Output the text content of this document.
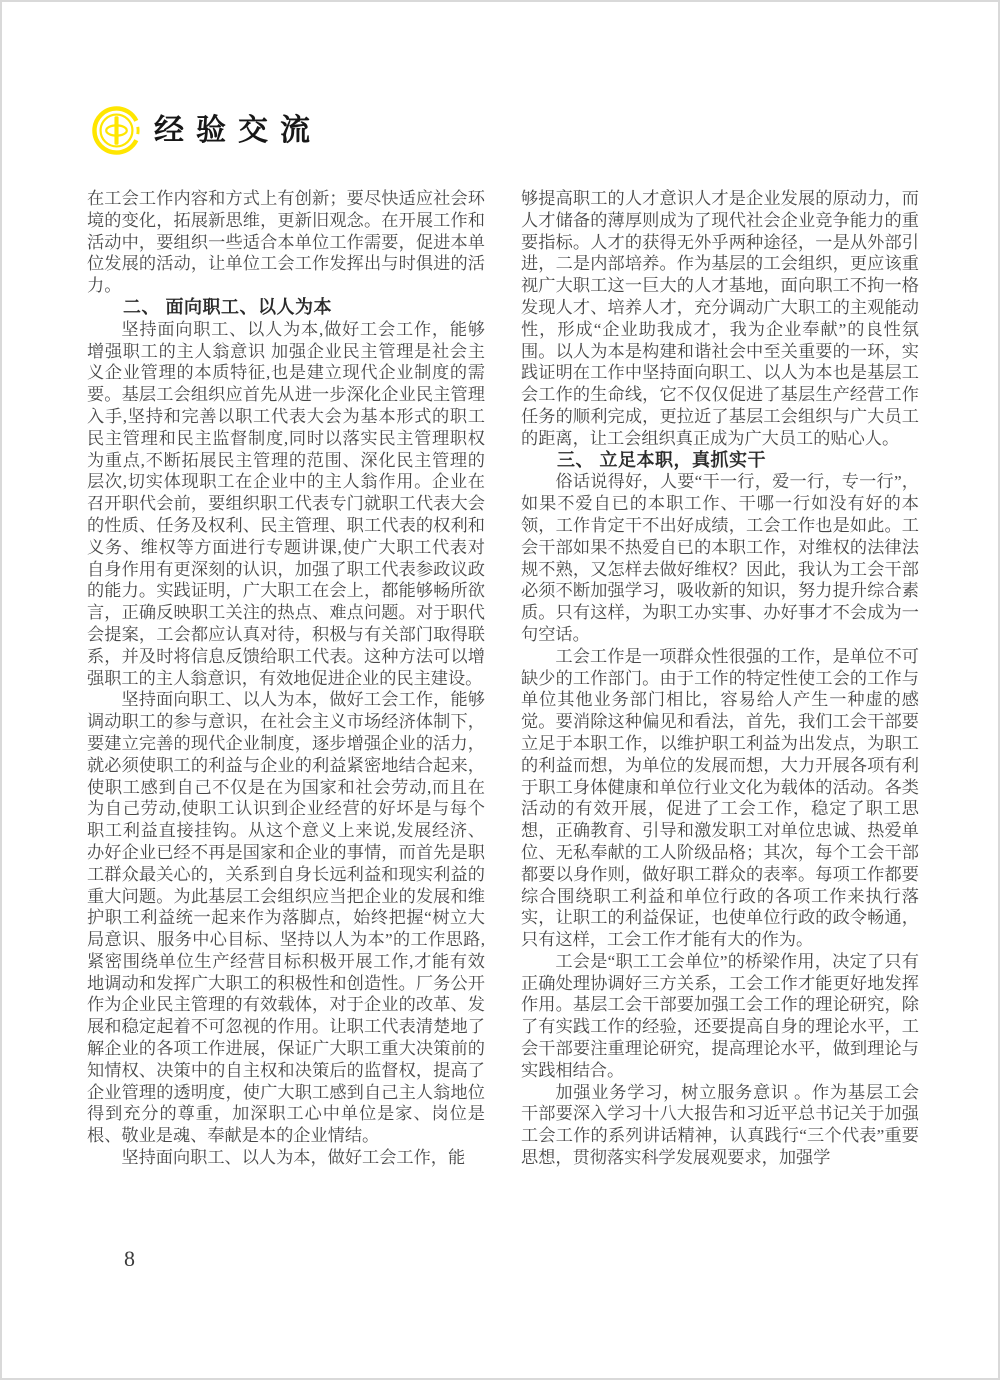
经验交流

在工会工作内容和方式上有创新；要尽快适应社会环境的变化，拓展新思维，更新旧观念。在开展工作和活动中，要组织一些适合本单位工作需要，促进本单位发展的活动，让单位工会工作发挥出与时俱进的活力。

二、 面向职工、以人为本

坚持面向职工、以人为本,做好工会工作，能够增强职工的主人翁意识 加强企业民主管理是社会主义企业管理的本质特征,也是建立现代企业制度的需要。基层工会组织应首先从进一步深化企业民主管理入手,坚持和完善以职工代表大会为基本形式的职工民主管理和民主监督制度,同时以落实民主管理职权为重点,不断拓展民主管理的范围、深化民主管理的层次,切实体现职工在企业中的主人翁作用。企业在召开职代会前，要组织职工代表专门就职工代表大会的性质、任务及权利、民主管理、职工代表的权利和义务、维权等方面进行专题讲课,使广大职工代表对自身作用有更深刻的认识，加强了职工代表参政议政的能力。实践证明，广大职工在会上，都能够畅所欲言，正确反映职工关注的热点、难点问题。对于职代会提案，工会都应认真对待，积极与有关部门取得联系，并及时将信息反馈给职工代表。这种方法可以增强职工的主人翁意识，有效地促进企业的民主建设。

坚持面向职工、以人为本，做好工会工作，能够调动职工的参与意识，在社会主义市场经济体制下，要建立完善的现代企业制度，逐步增强企业的活力，就必须使职工的利益与企业的利益紧密地结合起来，使职工感到自己不仅是在为国家和社会劳动,而且在为自己劳动,使职工认识到企业经营的好坏是与每个职工利益直接挂钩。从这个意义上来说,发展经济、办好企业已经不再是国家和企业的事情，而首先是职工群众最关心的，关系到自身长远利益和现实利益的重大问题。为此基层工会组织应当把企业的发展和维护职工利益统一起来作为落脚点，始终把握“树立大局意识、服务中心目标、坚持以人为本”的工作思路,紧密围绕单位生产经营目标积极开展工作,才能有效地调动和发挥广大职工的积极性和创造性。厂务公开作为企业民主管理的有效载体，对于企业的改革、发展和稳定起着不可忽视的作用。让职工代表清楚地了解企业的各项工作进展，保证广大职工重大决策前的知情权、决策中的自主权和决策后的监督权，提高了企业管理的透明度，使广大职工感到自己主人翁地位得到充分的尊重，加深职工心中单位是家、岗位是根、敬业是魂、奉献是本的企业情结。

坚持面向职工、以人为本，做好工会工作，能

够提高职工的人才意识人才是企业发展的原动力，而人才储备的薄厚则成为了现代社会企业竞争能力的重要指标。人才的获得无外乎两种途径，一是从外部引进，二是内部培养。作为基层的工会组织，更应该重视广大职工这一巨大的人才基地，面向职工不拘一格发现人才、培养人才，充分调动广大职工的主观能动性，形成“企业助我成才，我为企业奉献”的良性氛围。以人为本是构建和谐社会中至关重要的一环，实践证明在工作中坚持面向职工、以人为本也是基层工会工作的生命线，它不仅仅促进了基层生产经营工作任务的顺利完成，更拉近了基层工会组织与广大员工的距离，让工会组织真正成为广大员工的贴心人。

三、 立足本职，真抓实干

俗话说得好，人要“干一行，爱一行，专一行”，如果不爱自已的本职工作、干哪一行如没有好的本领，工作肯定干不出好成绩，工会工作也是如此。工会干部如果不热爱自已的本职工作，对维权的法律法规不熟，又怎样去做好维权？因此，我认为工会干部必须不断加强学习，吸收新的知识，努力提升综合素质。只有这样，为职工办实事、办好事才不会成为一句空话。

工会工作是一项群众性很强的工作，是单位不可缺少的工作部门。由于工作的特定性使工会的工作与单位其他业务部门相比，容易给人产生一种虚的感觉。要消除这种偏见和看法，首先，我们工会干部要立足于本职工作，以维护职工利益为出发点，为职工的利益而想，为单位的发展而想，大力开展各项有利于职工身体健康和单位行业文化为载体的活动。各类活动的有效开展，促进了工会工作，稳定了职工思想，正确教育、引导和激发职工对单位忠诚、热爱单位、无私奉献的工人阶级品格；其次，每个工会干部都要以身作则，做好职工群众的表率。每项工作都要综合围绕职工利益和单位行政的各项工作来执行落实，让职工的利益保证，也使单位行政的政令畅通，只有这样，工会工作才能有大的作为。

工会是“职工工会单位”的桥梁作用，决定了只有正确处理协调好三方关系，工会工作才能更好地发挥作用。基层工会干部要加强工会工作的理论研究，除了有实践工作的经验，还要提高自身的理论水平，工会干部要注重理论研究，提高理论水平，做到理论与实践相结合。

加强业务学习，树立服务意识 。作为基层工会干部要深入学习十八大报告和习近平总书记关于加强工会工作的系列讲话精神，认真践行“三个代表”重要思想，贯彻落实科学发展观要求，加强学

8
